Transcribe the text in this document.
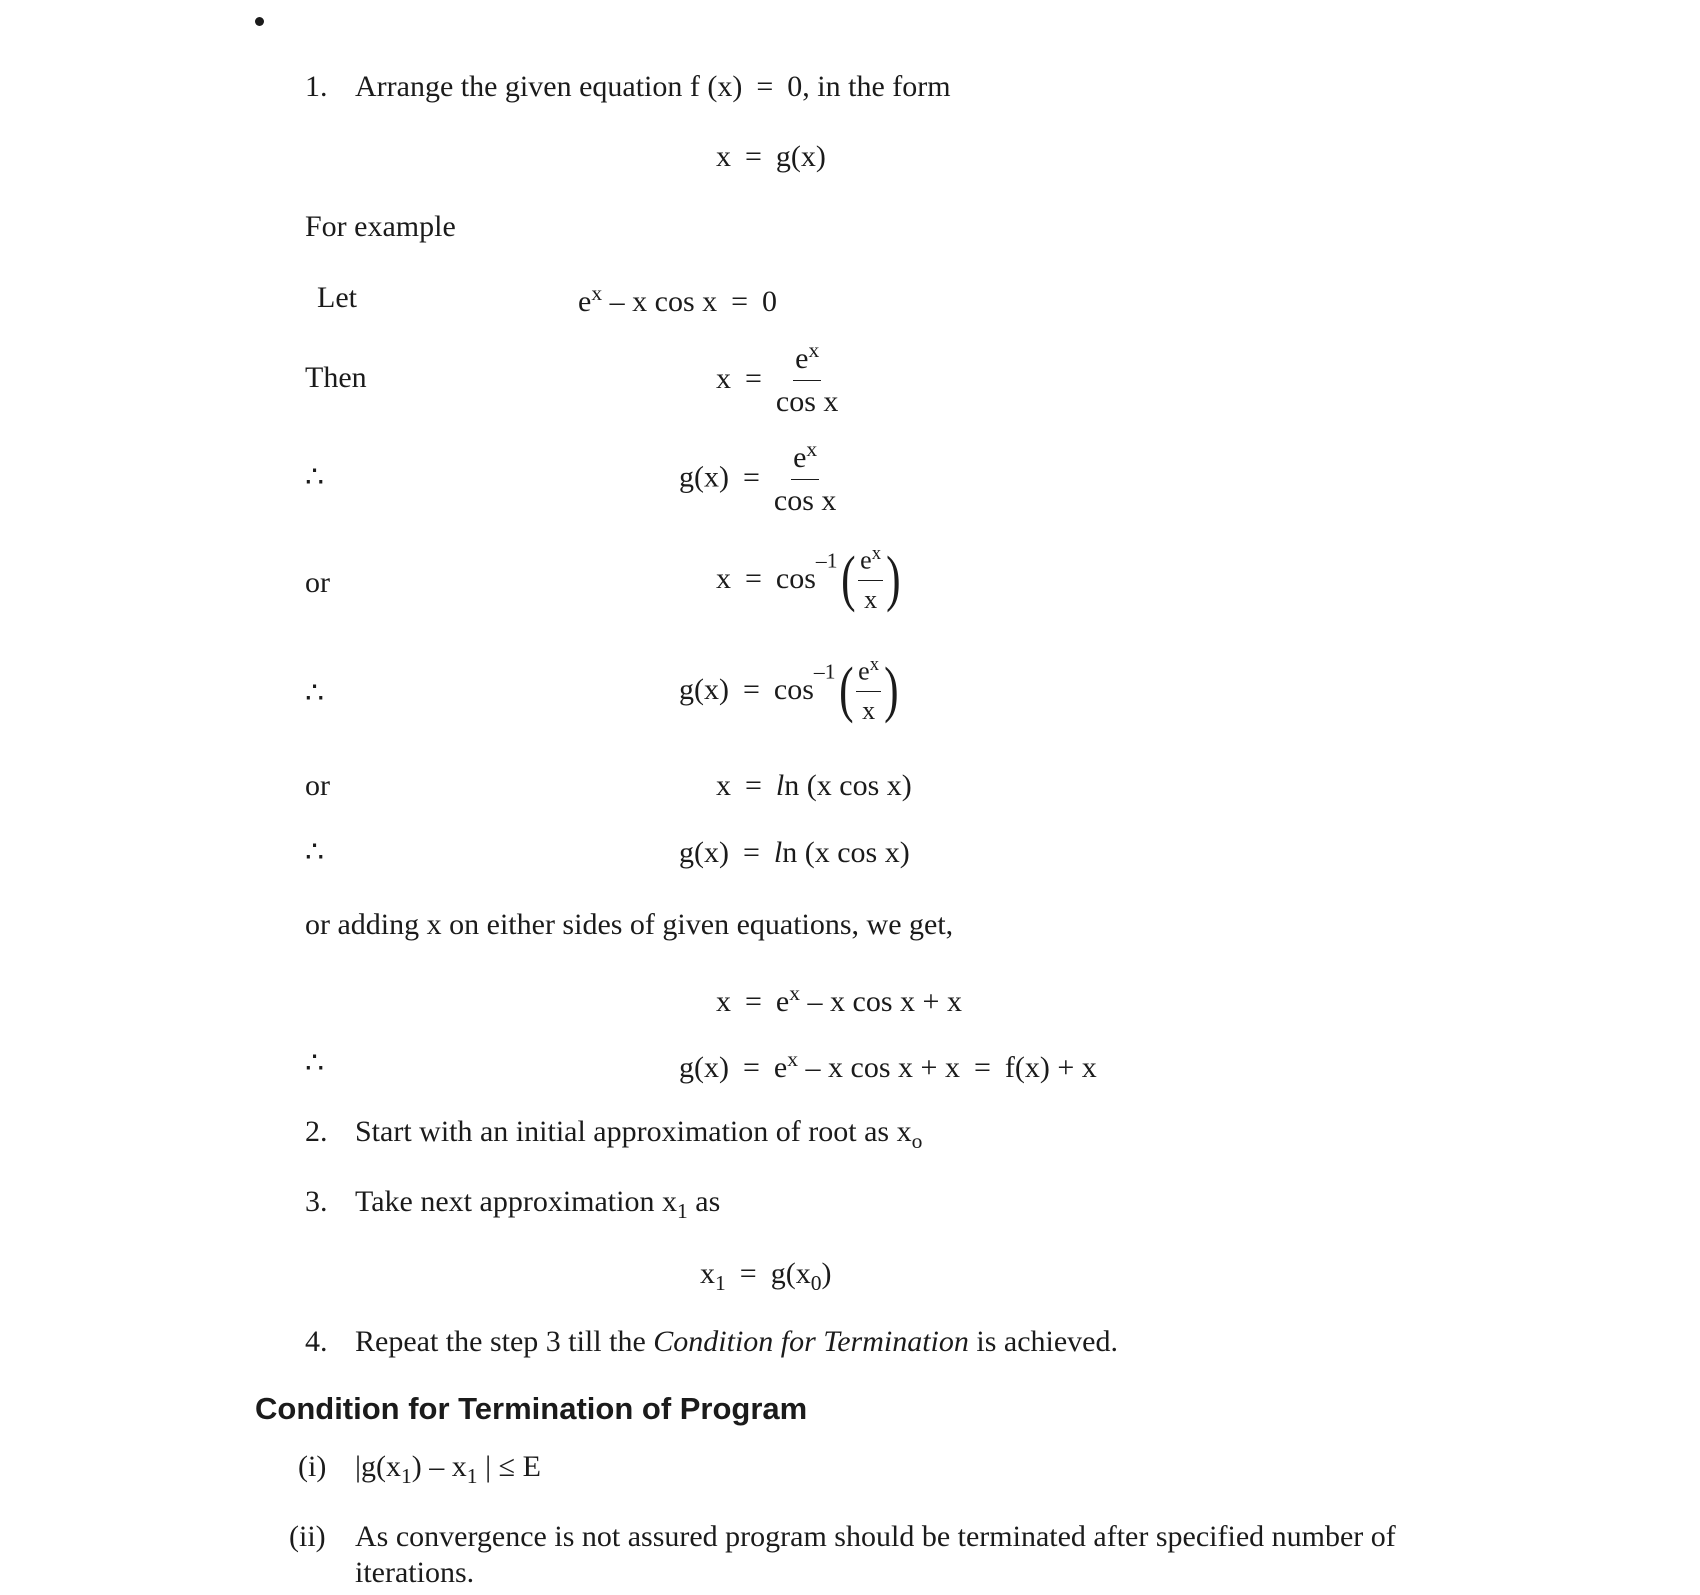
1. Arrange the given equation f (x) = 0, in the form
x = g(x)
For example
Let	$e^x$ – x cos x = 0
Then	$x = \frac{e^x}{\text{cos x}}$
∴	$g(x) = \frac{e^x}{\text{cos x}}$
or	$x = \cos^{-1}$ ( $\frac{e^x}{x}$ )
∴	$g(x) = \cos^{-1}$ ( $\frac{e^x}{x}$ )
or	x = ln (x cos x)
∴	g(x) = ln (x cos x)
or adding x on either sides of given equations, we get,
$x = e^x - x$ cos x + x
∴	$g(x) = e^x - x$ cos x + x = f(x) + x
2. Start with an initial approximation of root as $x_o$
3. Take next approximation $x_1$ as
$x_1 = g(x_0)$
4. Repeat the step 3 till the Condition for Termination is achieved.
Condition for Termination of Program
(i) $|g(x_1) - x_1$ | ≤ E
(ii) As convergence is not assured program should be terminated after specified number of
iterations.
